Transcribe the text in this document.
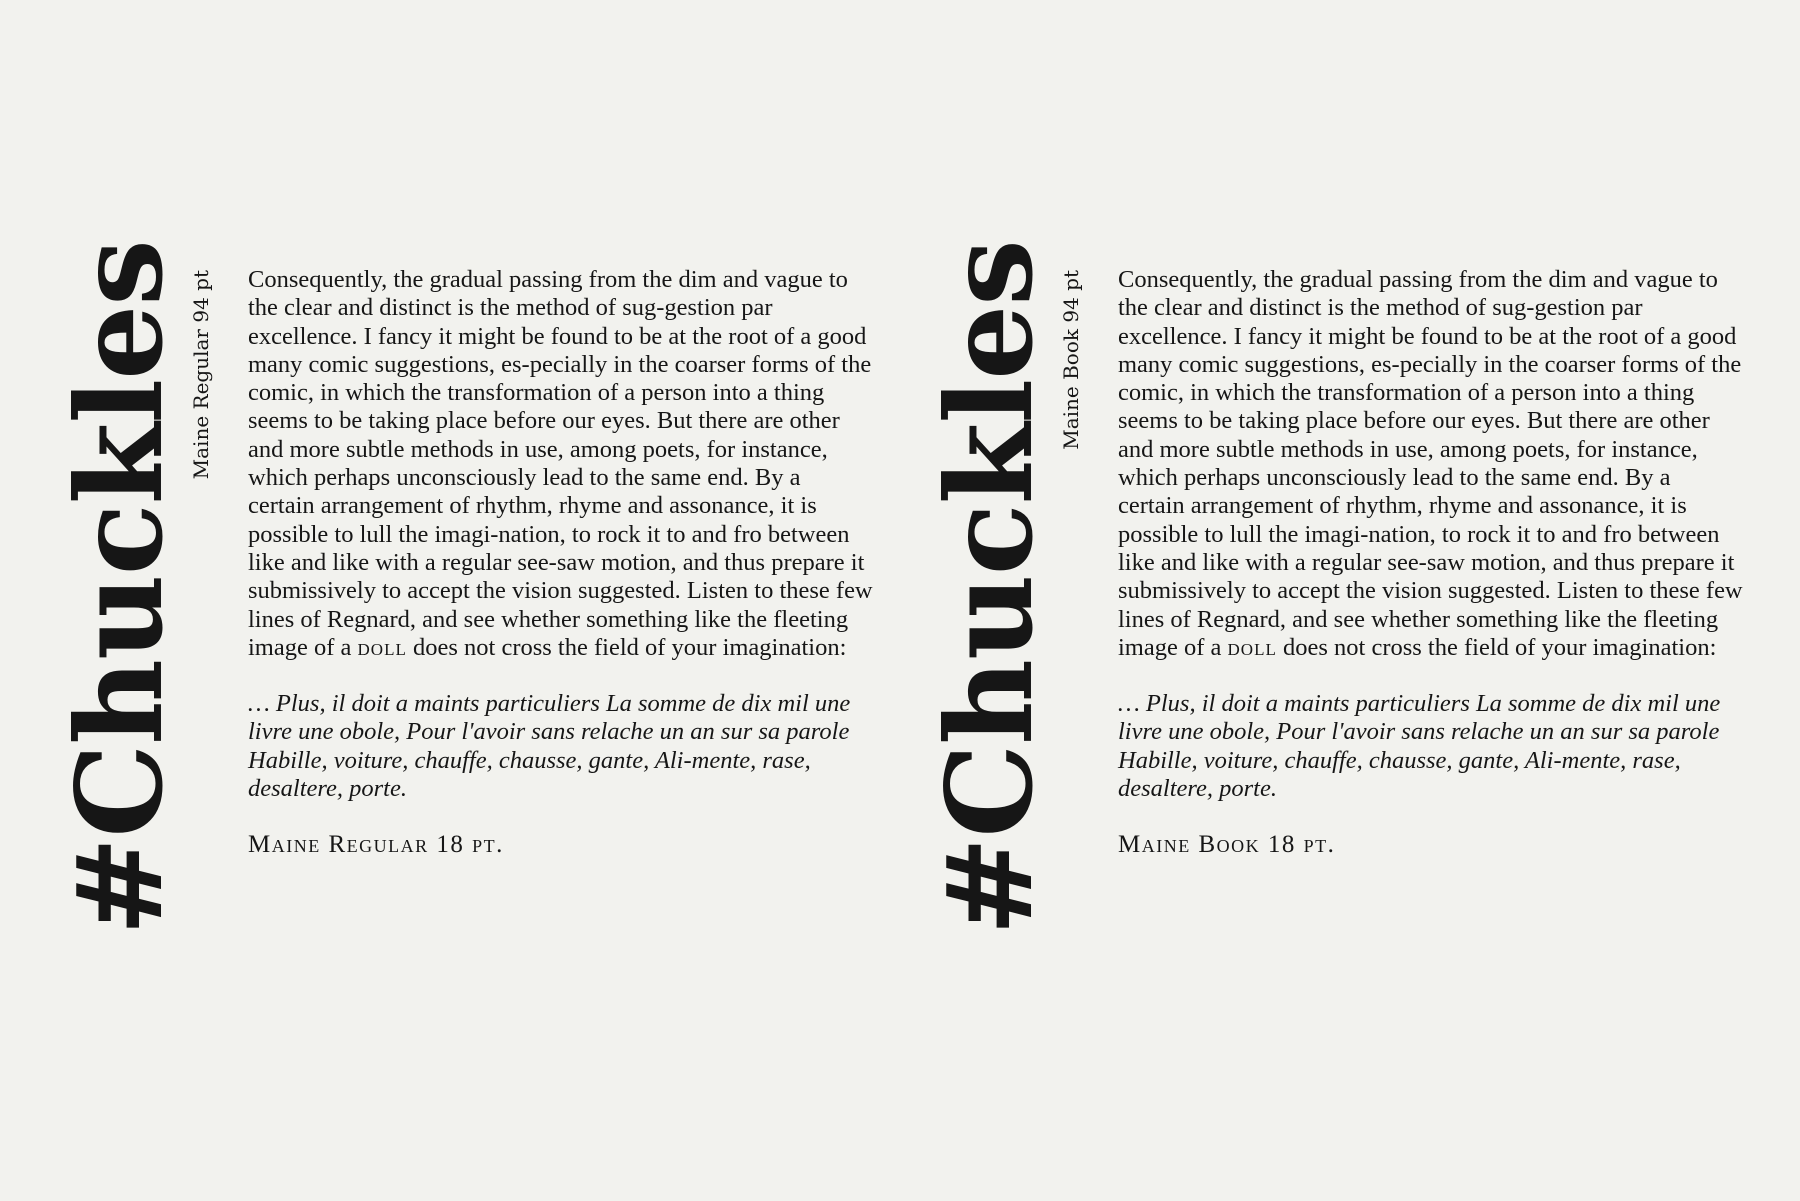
#Chuckles Maine Regular 94 pt Consequently, the gradual passing from the dim and vague to the clear and distinct is the method of sug-gestion par excellence. I fancy it might be found to be at the root of a good many comic suggestions, es-pecially in the coarser forms of the comic, in which the transformation of a person into a thing seems to be taking place before our eyes. But there are other and more subtle methods in use, among poets, for instance, which perhaps unconsciously lead to the same end. By a certain arrangement of rhythm, rhyme and assonance, it is possible to lull the imagi-nation, to rock it to and fro between like and like with a regular see-saw motion, and thus prepare it submissively to accept the vision suggested. Listen to these few lines of Regnard, and see whether something like the fleeting image of a doll does not cross the field of your imagination:

… Plus, il doit a maints particuliers La somme de dix mil une livre une obole, Pour l'avoir sans relache un an sur sa parole Habille, voiture, chauffe, chausse, gante, Ali-mente, rase, desaltere, porte.

Maine Regular 18 pt.	#Chuckles Maine Book 94 pt Consequently, the gradual passing from the dim and vague to the clear and distinct is the method of sug-gestion par excellence. I fancy it might be found to be at the root of a good many comic suggestions, es-pecially in the coarser forms of the comic, in which the transformation of a person into a thing seems to be taking place before our eyes. But there are other and more subtle methods in use, among poets, for instance, which perhaps unconsciously lead to the same end. By a certain arrangement of rhythm, rhyme and assonance, it is possible to lull the imagi-nation, to rock it to and fro between like and like with a regular see-saw motion, and thus prepare it submissively to accept the vision suggested. Listen to these few lines of Regnard, and see whether something like the fleeting image of a doll does not cross the field of your imagination:

… Plus, il doit a maints particuliers La somme de dix mil une livre une obole, Pour l'avoir sans relache un an sur sa parole Habille, voiture, chauffe, chausse, gante, Ali-mente, rase, desaltere, porte.

Maine Book 18 pt.
